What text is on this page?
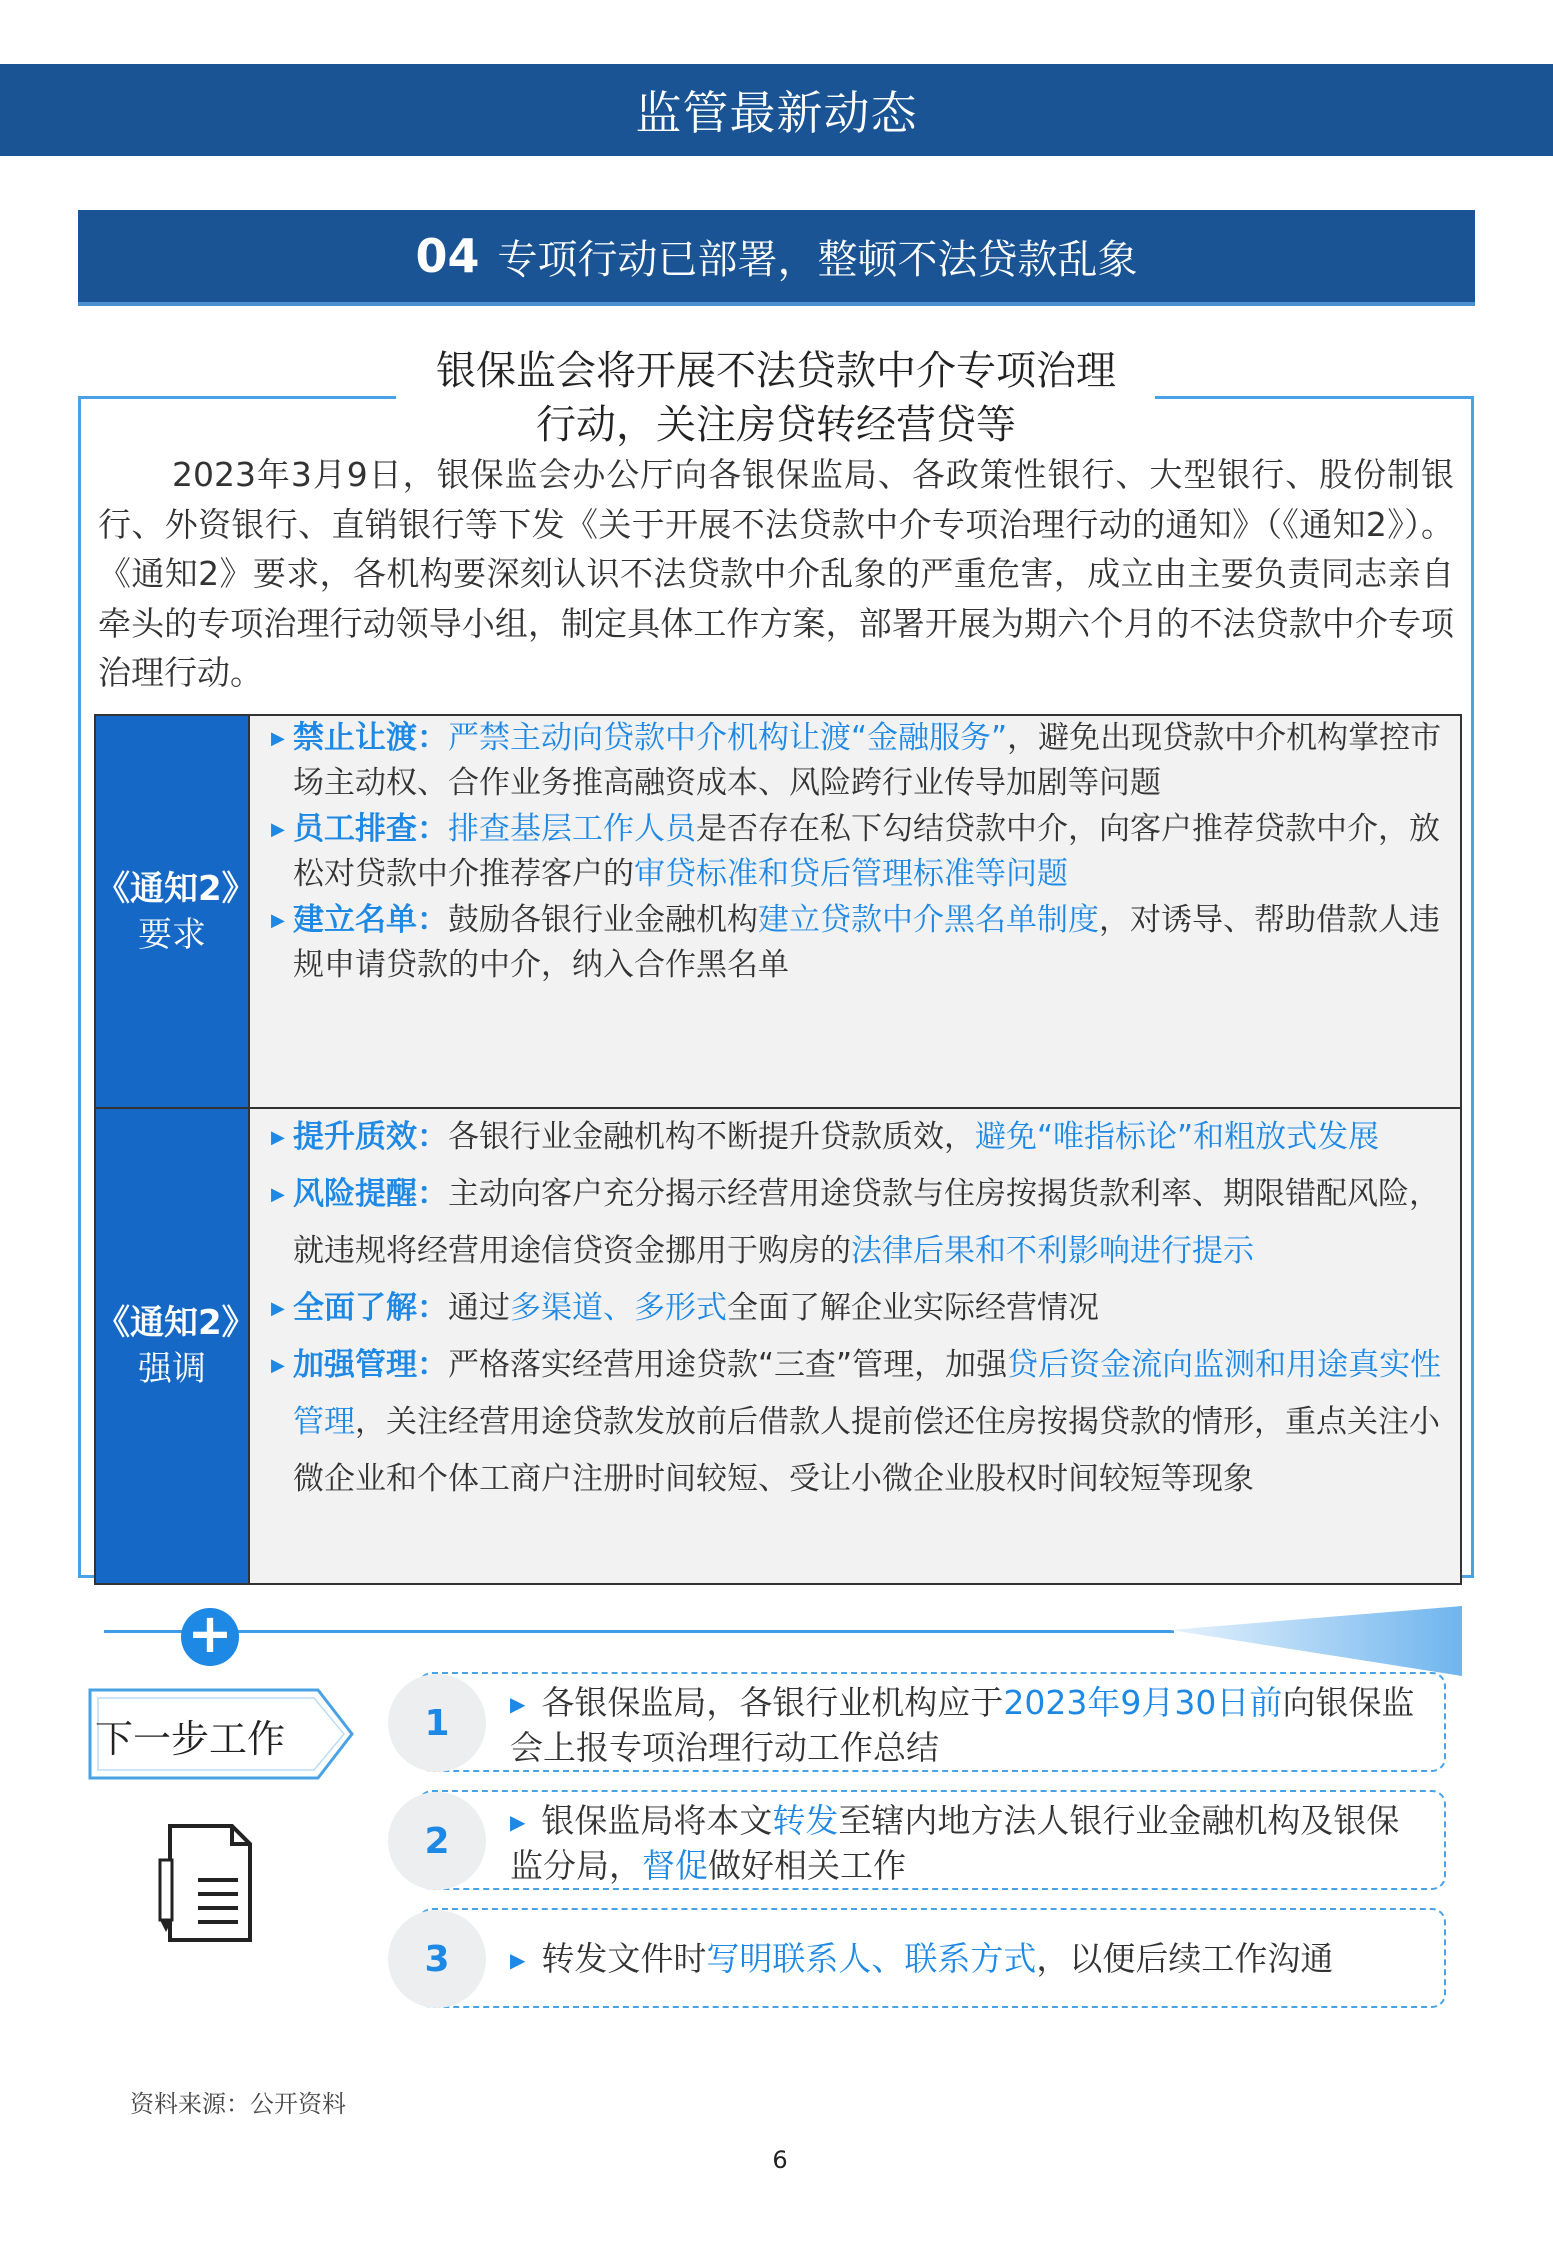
监管最新动态
04 专项行动已部署，整顿不法贷款乱象
银保监会将开展不法贷款中介专项治理
行动，关注房贷转经营贷等
2023年3月9日，银保监会办公厅向各银保监局、各政策性银行、大型银行、股份制银行、外资银行、直销银行等下发《关于开展不法贷款中介专项治理行动的通知》（《通知2》）。《通知2》要求，各机构要深刻认识不法贷款中介乱象的严重危害，成立由主要负责同志亲自牵头的专项治理行动领导小组，制定具体工作方案，部署开展为期六个月的不法贷款中介专项治理行动。
《通知2》
要求

▶ 禁止让渡：严禁主动向贷款中介机构让渡“金融服务”，避免出现贷款中介机构掌控市场主动权、合作业务推高融资成本、风险跨行业传导加剧等问题

▶ 员工排查：排查基层工作人员是否存在私下勾结贷款中介，向客户推荐贷款中介，放松对贷款中介推荐客户的审贷标准和贷后管理标准等问题

▶ 建立名单：鼓励各银行业金融机构建立贷款中介黑名单制度，对诱导、帮助借款人违规申请贷款的中介，纳入合作黑名单

《通知2》
强调

▶ 提升质效：各银行业金融机构不断提升贷款质效，避免“唯指标论”和粗放式发展

▶ 风险提醒：主动向客户充分揭示经营用途贷款与住房按揭货款利率、期限错配风险，就违规将经营用途信贷资金挪用于购房的法律后果和不利影响进行提示

▶ 全面了解：通过多渠道、多形式全面了解企业实际经营情况

▶ 加强管理：严格落实经营用途贷款“三查”管理，加强贷后资金流向监测和用途真实性管理，关注经营用途贷款发放前后借款人提前偿还住房按揭贷款的情形，重点关注小微企业和个体工商户注册时间较短、受让小微企业股权时间较短等现象

+
下一步工作	1	▶ 各银保监局，各银行业机构应于2023年9月30日前向银保监会上报专项治理行动工作总结
2	▶ 银保监局将本文转发至辖内地方法人银行业金融机构及银保监分局，督促做好相关工作
3	▶ 转发文件时写明联系人、联系方式，以便后续工作沟通
资料来源：公开资料
6
